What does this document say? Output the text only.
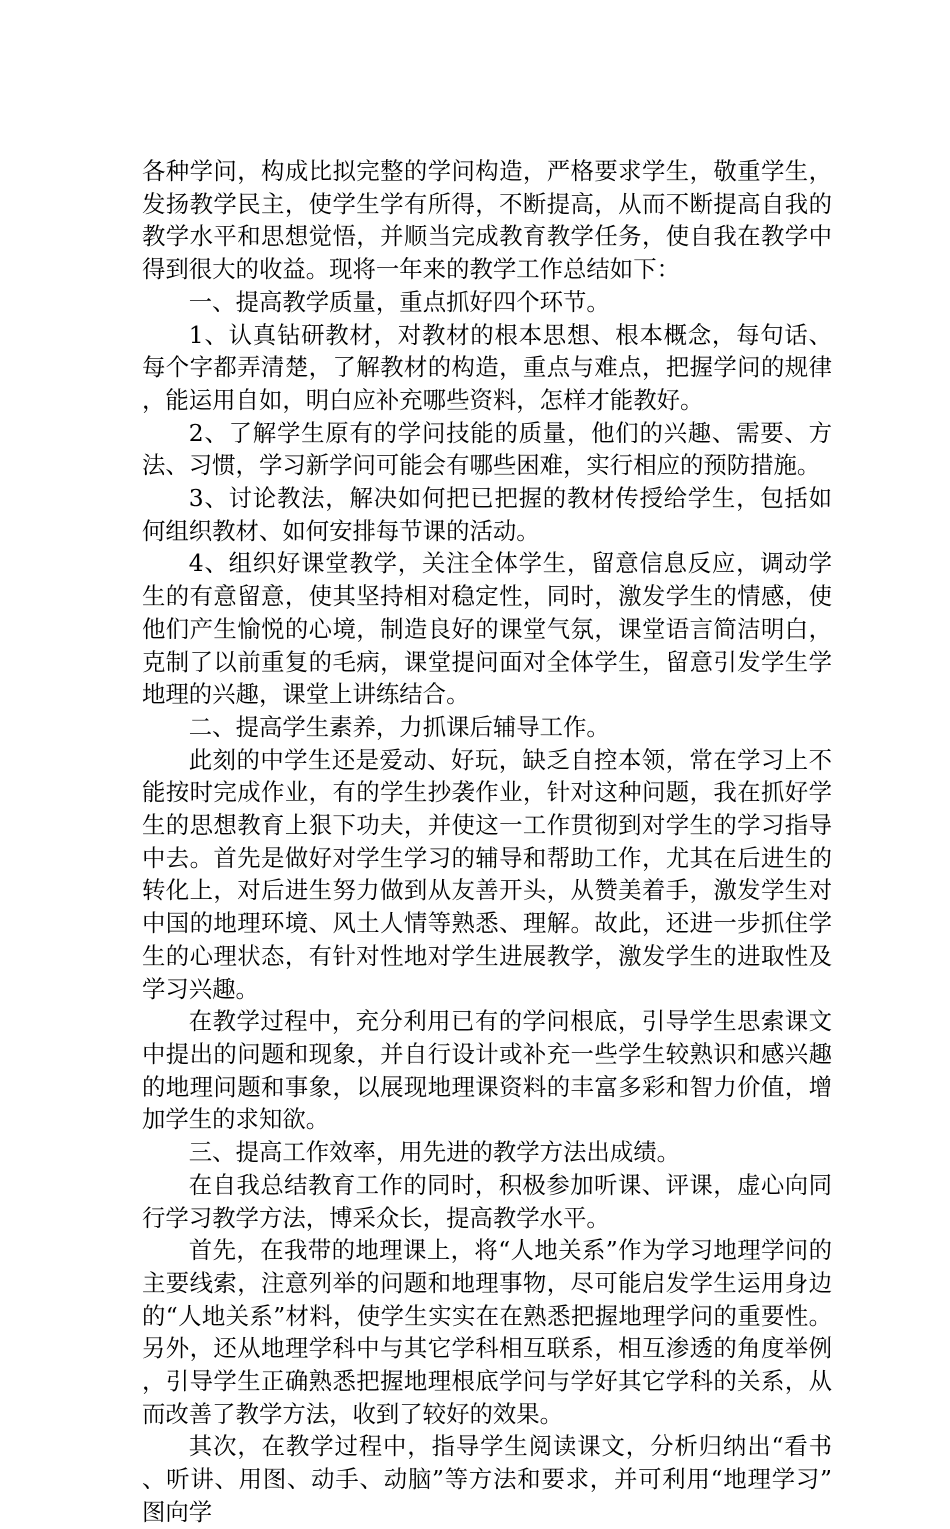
各种学问，构成比拟完整的学问构造，严格要求学生，敬重学生，发扬教学民主，使学生学有所得，不断提高，从而不断提高自我的教学水平和思想觉悟，并顺当完成教育教学任务，使自我在教学中得到很大的收益。现将一年来的教学工作总结如下：

一、提高教学质量，重点抓好四个环节。

1、认真钻研教材，对教材的根本思想、根本概念，每句话、每个字都弄清楚，了解教材的构造，重点与难点，把握学问的规律，能运用自如，明白应补充哪些资料，怎样才能教好。

2、了解学生原有的学问技能的质量，他们的兴趣、需要、方法、习惯，学习新学问可能会有哪些困难，实行相应的预防措施。

3、讨论教法，解决如何把已把握的教材传授给学生，包括如何组织教材、如何安排每节课的活动。

4、组织好课堂教学，关注全体学生，留意信息反应，调动学生的有意留意，使其坚持相对稳定性，同时，激发学生的情感，使他们产生愉悦的心境，制造良好的课堂气氛，课堂语言简洁明白，克制了以前重复的毛病，课堂提问面对全体学生，留意引发学生学地理的兴趣，课堂上讲练结合。

二、提高学生素养，力抓课后辅导工作。

此刻的中学生还是爱动、好玩，缺乏自控本领，常在学习上不能按时完成作业，有的学生抄袭作业，针对这种问题，我在抓好学生的思想教育上狠下功夫，并使这一工作贯彻到对学生的学习指导中去。首先是做好对学生学习的辅导和帮助工作，尤其在后进生的转化上，对后进生努力做到从友善开头，从赞美着手，激发学生对中国的地理环境、风土人情等熟悉、理解。故此，还进一步抓住学生的心理状态，有针对性地对学生进展教学，激发学生的进取性及学习兴趣。

在教学过程中，充分利用已有的学问根底，引导学生思索课文中提出的问题和现象，并自行设计或补充一些学生较熟识和感兴趣的地理问题和事象，以展现地理课资料的丰富多彩和智力价值，增加学生的求知欲。

三、提高工作效率，用先进的教学方法出成绩。

在自我总结教育工作的同时，积极参加听课、评课，虚心向同行学习教学方法，博采众长，提高教学水平。

首先，在我带的地理课上，将“人地关系”作为学习地理学问的主要线索，注意列举的问题和地理事物，尽可能启发学生运用身边的“人地关系”材料，使学生实实在在熟悉把握地理学问的重要性。另外，还从地理学科中与其它学科相互联系，相互渗透的角度举例，引导学生正确熟悉把握地理根底学问与学好其它学科的关系，从而改善了教学方法，收到了较好的效果。

其次，在教学过程中，指导学生阅读课文，分析归纳出“看书、听讲、用图、动手、动脑”等方法和要求，并可利用“地理学习”图向学
